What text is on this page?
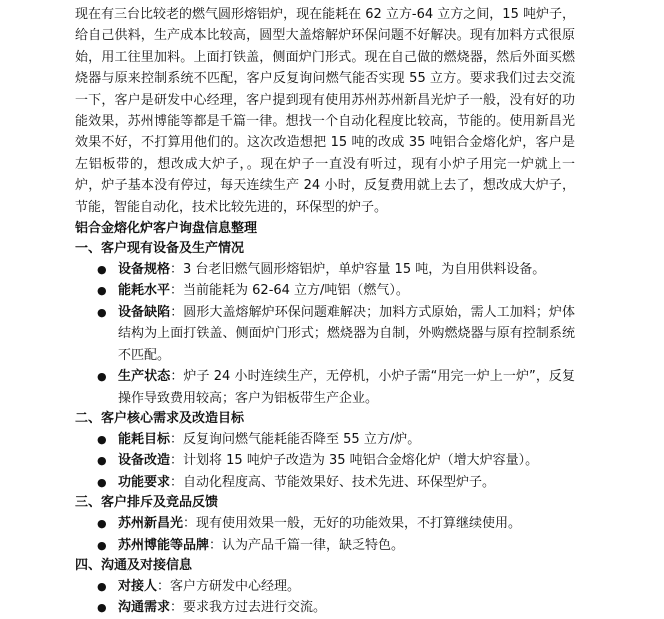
现在有三台比较老的燃气圆形熔铝炉，现在能耗在 62 立方-64 立方之间，15 吨炉子，给自己供料，生产成本比较高，圆型大盖熔解炉环保问题不好解决。现有加料方式很原始，用工往里加料。上面打铁盖，侧面炉门形式。现在自己做的燃烧器，然后外面买燃烧器与原来控制系统不匹配，客户反复询问燃气能否实现 55 立方。要求我们过去交流一下，客户是研发中心经理，客户提到现有使用苏州苏州新昌光炉子一般，没有好的功能效果，苏州博能等都是千篇一律。想找一个自动化程度比较高，节能的。使用新昌光效果不好，不打算用他们的。这次改造想把 15 吨的改成 35 吨铝合金熔化炉，客户是左铝板带的，想改成大炉子，。现在炉子一直没有听过，现有小炉子用完一炉就上一炉，炉子基本没有停过，每天连续生产 24 小时，反复费用就上去了，想改成大炉子，节能，智能自动化，技术比较先进的，环保型的炉子。

铝合金熔化炉客户询盘信息整理

一、客户现有设备及生产情况

● 设备规格：3 台老旧燃气圆形熔铝炉，单炉容量 15 吨，为自用供料设备。
● 能耗水平：当前能耗为 62-64 立方/吨铝（燃气）。
● 设备缺陷：圆形大盖熔解炉环保问题难解决；加料方式原始，需人工加料；炉体结构为上面打铁盖、侧面炉门形式；燃烧器为自制，外购燃烧器与原有控制系统不匹配。
● 生产状态：炉子 24 小时连续生产，无停机，小炉子需“用完一炉上一炉”，反复操作导致费用较高；客户为铝板带生产企业。

二、客户核心需求及改造目标

● 能耗目标：反复询问燃气能耗能否降至 55 立方/炉。
● 设备改造：计划将 15 吨炉子改造为 35 吨铝合金熔化炉（增大炉容量）。
● 功能要求：自动化程度高、节能效果好、技术先进、环保型炉子。

三、客户排斥及竞品反馈

● 苏州新昌光：现有使用效果一般，无好的功能效果，不打算继续使用。
● 苏州博能等品牌：认为产品千篇一律，缺乏特色。

四、沟通及对接信息

● 对接人：客户方研发中心经理。
● 沟通需求：要求我方过去进行交流。
